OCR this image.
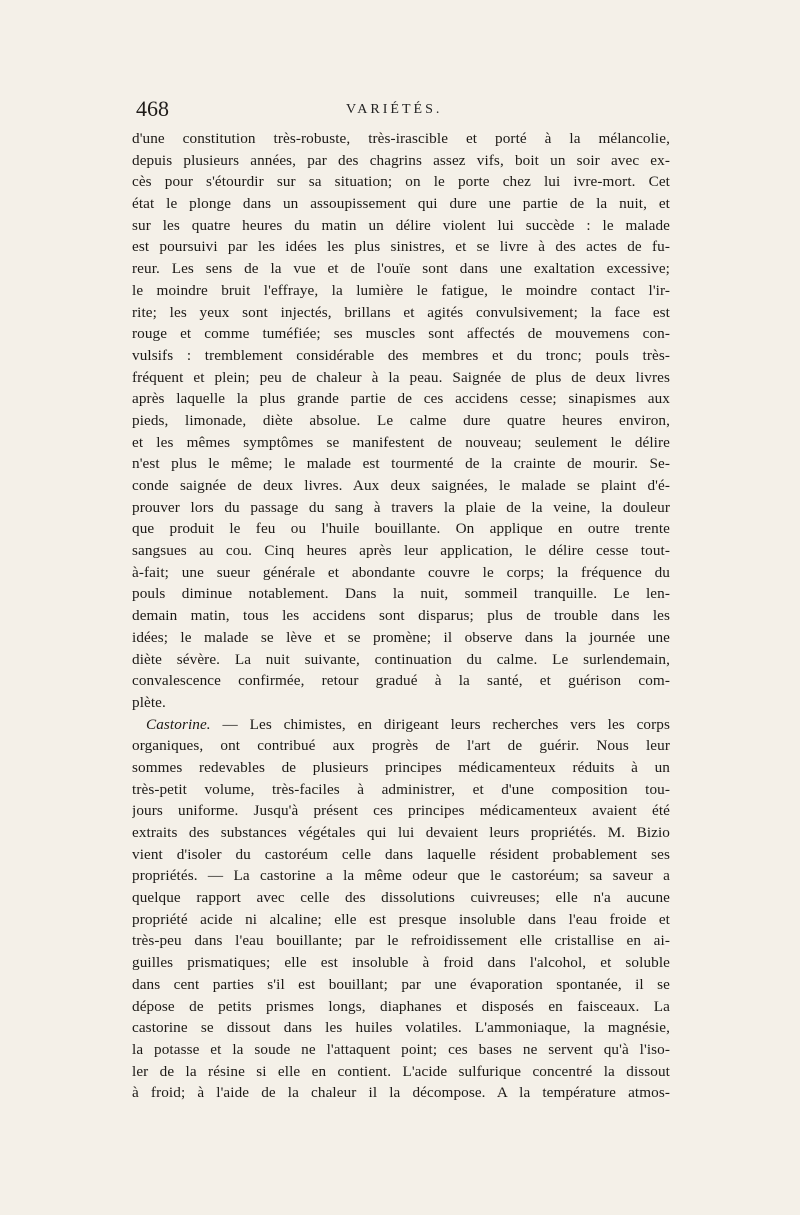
468	VARIÉTÉS.
d'une constitution très-robuste, très-irascible et porté à la mélancolie,
depuis plusieurs années, par des chagrins assez vifs, boit un soir avec ex-
cès pour s'étourdir sur sa situation; on le porte chez lui ivre-mort. Cet
état le plonge dans un assoupissement qui dure une partie de la nuit, et
sur les quatre heures du matin un délire violent lui succède : le malade
est poursuivi par les idées les plus sinistres, et se livre à des actes de fu-
reur. Les sens de la vue et de l'ouïe sont dans une exaltation excessive;
le moindre bruit l'effraye, la lumière le fatigue, le moindre contact l'ir-
rite; les yeux sont injectés, brillans et agités convulsivement; la face est
rouge et comme tuméfiée; ses muscles sont affectés de mouvemens con-
vulsifs : tremblement considérable des membres et du tronc; pouls très-
fréquent et plein; peu de chaleur à la peau. Saignée de plus de deux livres
après laquelle la plus grande partie de ces accidens cesse; sinapismes aux
pieds, limonade, diète absolue. Le calme dure quatre heures environ,
et les mêmes symptômes se manifestent de nouveau; seulement le délire
n'est plus le même; le malade est tourmenté de la crainte de mourir. Se-
conde saignée de deux livres. Aux deux saignées, le malade se plaint d'é-
prouver lors du passage du sang à travers la plaie de la veine, la douleur
que produit le feu ou l'huile bouillante. On applique en outre trente
sangsues au cou. Cinq heures après leur application, le délire cesse tout-
à-fait; une sueur générale et abondante couvre le corps; la fréquence du
pouls diminue notablement. Dans la nuit, sommeil tranquille. Le len-
demain matin, tous les accidens sont disparus; plus de trouble dans les
idées; le malade se lève et se promène; il observe dans la journée une
diète sévère. La nuit suivante, continuation du calme. Le surlendemain,
convalescence confirmée, retour gradué à la santé, et guérison com-
plète.
Castorine. — Les chimistes, en dirigeant leurs recherches vers les corps
organiques, ont contribué aux progrès de l'art de guérir. Nous leur
sommes redevables de plusieurs principes médicamenteux réduits à un
très-petit volume, très-faciles à administrer, et d'une composition tou-
jours uniforme. Jusqu'à présent ces principes médicamenteux avaient été
extraits des substances végétales qui lui devaient leurs propriétés. M. Bizio
vient d'isoler du castoréum celle dans laquelle résident probablement ses
propriétés. — La castorine a la même odeur que le castoréum; sa saveur a
quelque rapport avec celle des dissolutions cuivreuses; elle n'a aucune
propriété acide ni alcaline; elle est presque insoluble dans l'eau froide et
très-peu dans l'eau bouillante; par le refroidissement elle cristallise en ai-
guilles prismatiques; elle est insoluble à froid dans l'alcohol, et soluble
dans cent parties s'il est bouillant; par une évaporation spontanée, il se
dépose de petits prismes longs, diaphanes et disposés en faisceaux. La
castorine se dissout dans les huiles volatiles. L'ammoniaque, la magnésie,
la potasse et la soude ne l'attaquent point; ces bases ne servent qu'à l'iso-
ler de la résine si elle en contient. L'acide sulfurique concentré la dissout
à froid; à l'aide de la chaleur il la décompose. A la température atmos-
